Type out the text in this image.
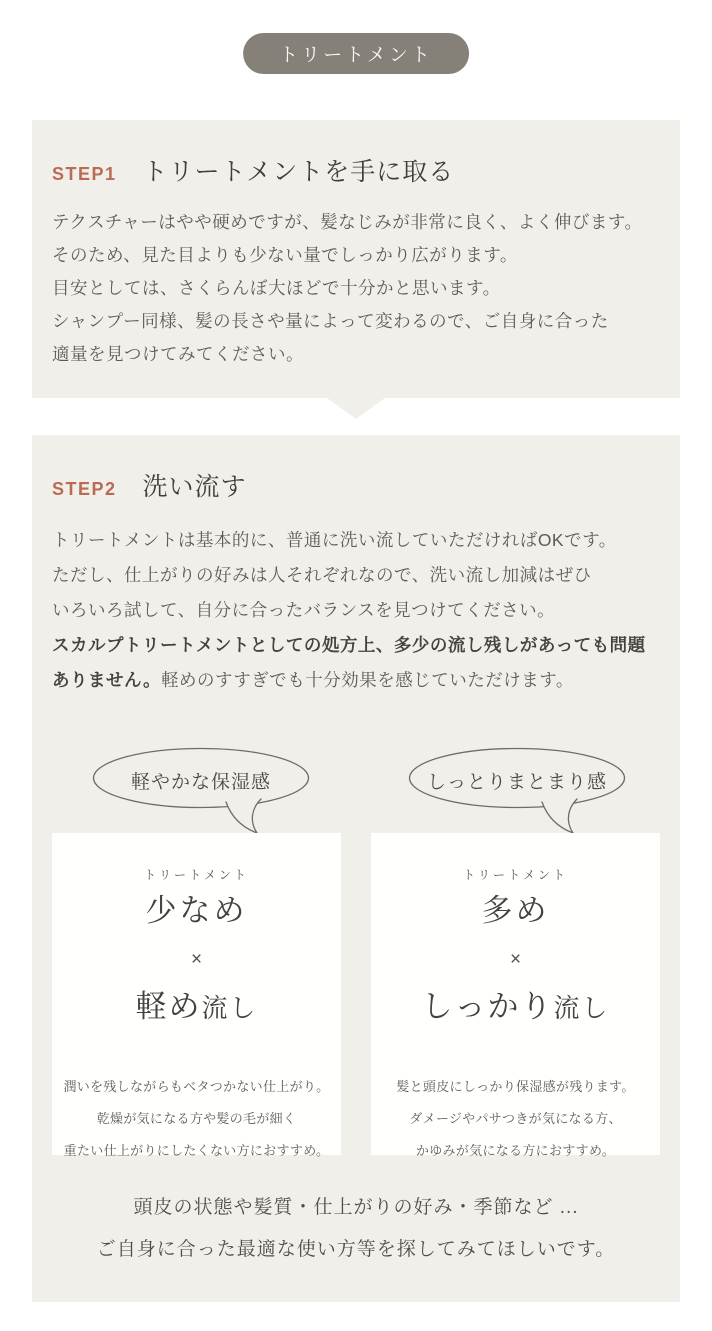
トリートメント
STEP1 トリートメントを手に取る
テクスチャーはやや硬めですが、髪なじみが非常に良く、よく伸びます。
そのため、見た目よりも少ない量でしっかり広がります。
目安としては、さくらんぼ大ほどで十分かと思います。
シャンプー同様、髪の長さや量によって変わるので、ご自身に合った
適量を見つけてみてください。
STEP2 洗い流す
トリートメントは基本的に、普通に洗い流していただければOKです。
ただし、仕上がりの好みは人それぞれなので、洗い流し加減はぜひ
いろいろ試して、自分に合ったバランスを見つけてください。
スカルプトリートメントとしての処方上、多少の流し残しがあっても問題
ありません。軽めのすすぎでも十分効果を感じていただけます。
軽やかな保湿感	しっとりまとまり感
トリートメント
少なめ
×
軽め流し
潤いを残しながらもベタつかない仕上がり。
乾燥が気になる方や髪の毛が細く
重たい仕上がりにしたくない方におすすめ。
トリートメント
多め
×
しっかり流し
髪と頭皮にしっかり保湿感が残ります。
ダメージやパサつきが気になる方、
かゆみが気になる方におすすめ。
頭皮の状態や髪質・仕上がりの好み・季節など ...
ご自身に合った最適な使い方等を探してみてほしいです。
